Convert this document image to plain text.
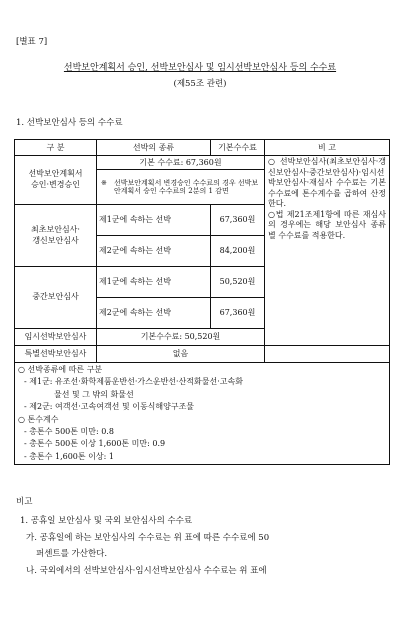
[별표 7]
선박보안계획서 승인, 선박보안심사 및 임시선박보안심사 등의 수수료
(제55조 관련)
1. 선박보안심사 등의 수수료
구 분	선박의 종류	기본수수료	비 고

선박보안계획서
승인·변경승인
	기본 수수료: 67,360원	○선박보안심사(최초보안심사·갱신보안심사·중간보안심사)·임시선박보안심사·재심사 수수료는 기본수수료에 톤수계수를 곱하여 산정한다.

○법 제21조제1항에 따른 재심사의 경우에는 해당 보안심사 종류별 수수료를 적용한다.

※	선박보안계획서 변경승인 수수료의 경우 선박보안계획서 승인 수수료의 2분의 1 감면

최초보안심사·
갱신보안심사
	제1군에 속하는 선박	67,360원
제2군에 속하는 선박	84,200원
중간보안심사	제1군에 속하는 선박	50,520원
제2군에 속하는 선박	67,360원
임시선박보안심사	기본수수료: 50,520원
특별선박보안심사	없음	

○ 선박종류에 따른 구분
- 제1군: 유조선·화학제품운반선·가스운반선·산적화물선·고속화
물선 및 그 밖의 화물선
- 제2군: 여객선·고속여객선 및 이동식해양구조물
○ 톤수계수
- 총톤수 500톤 미만: 0.8
- 총톤수 500톤 이상 1,600톤 미만: 0.9
- 총톤수 1,600톤 이상: 1
비고
1. 공휴일 보안심사 및 국외 보안심사의 수수료
가. 공휴일에 하는 보안심사의 수수료는 위 표에 따른 수수료에 50
퍼센트를 가산한다.
나. 국외에서의 선박보안심사·임시선박보안심사 수수료는 위 표에
